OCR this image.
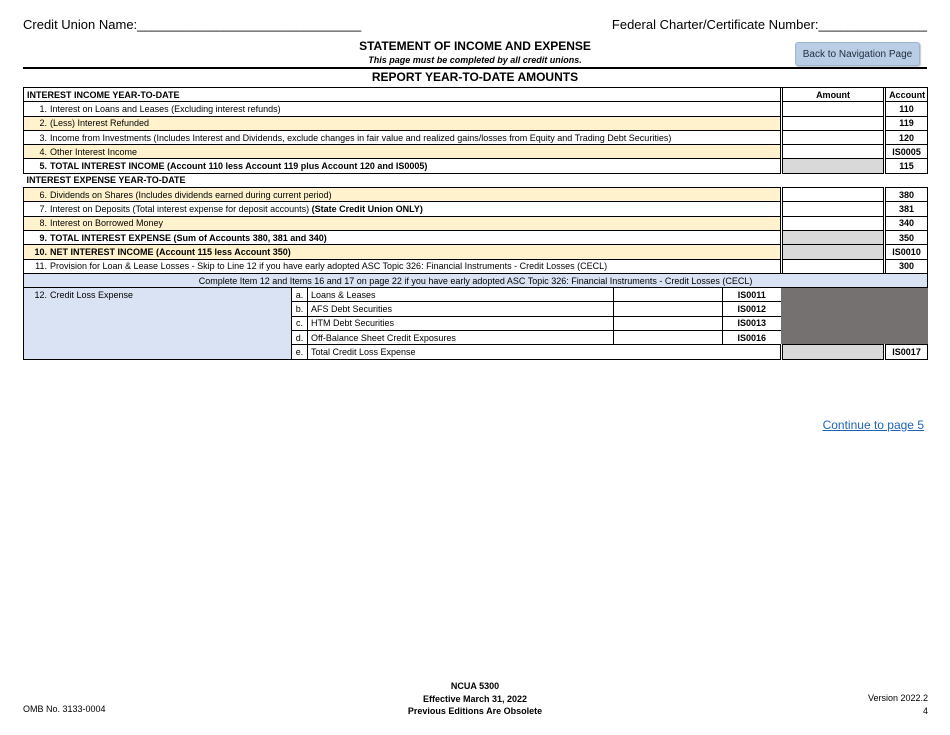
Credit Union Name:_______________________________	Federal Charter/Certificate Number:_______________
STATEMENT OF INCOME AND EXPENSE
This page must be completed by all credit unions.
Back to Navigation Page
REPORT YEAR-TO-DATE AMOUNTS
INTEREST INCOME YEAR-TO-DATE						Amount		Account
1. Interest on Loans and Leases (Excluding interest refunds)								110
2. (Less) Interest Refunded								119
3. Income from Investments (Includes Interest and Dividends, exclude changes in fair value and realized gains/losses from Equity and Trading Debt Securities)								120
4. Other Interest Income								IS0005
5. TOTAL INTEREST INCOME (Account 110 less Account 119 plus Account 120 and IS0005)								115
INTEREST EXPENSE YEAR-TO-DATE								
6. Dividends on Shares (Includes dividends earned during current period)								380
7. Interest on Deposits (Total interest expense for deposit accounts) (State Credit Union ONLY)								381
8. Interest on Borrowed Money								340
9. TOTAL INTEREST EXPENSE (Sum of Accounts 380, 381 and 340)								350
10. NET INTEREST INCOME (Account 115 less Account 350)								IS0010
11. Provision for Loan & Lease Losses - Skip to Line 12 if you have early adopted ASC Topic 326: Financial Instruments - Credit Losses (CECL)								300
Complete Item 12 and Items 16 and 17 on page 22 if you have early adopted ASC Topic 326: Financial Instruments - Credit Losses (CECL)								
12. Credit Loss Expense	a.	Loans & Leases		IS0011				
	b.	AFS Debt Securities		IS0012				
	c.	HTM Debt Securities		IS0013				
	d.	Off-Balance Sheet Credit Exposures		IS0016				
	e.	Total Credit Loss Expense						IS0017
Continue to page 5
OMB No. 3133-0004
NCUA 5300
Effective March 31, 2022
Previous Editions Are Obsolete
Version 2022.2
4
